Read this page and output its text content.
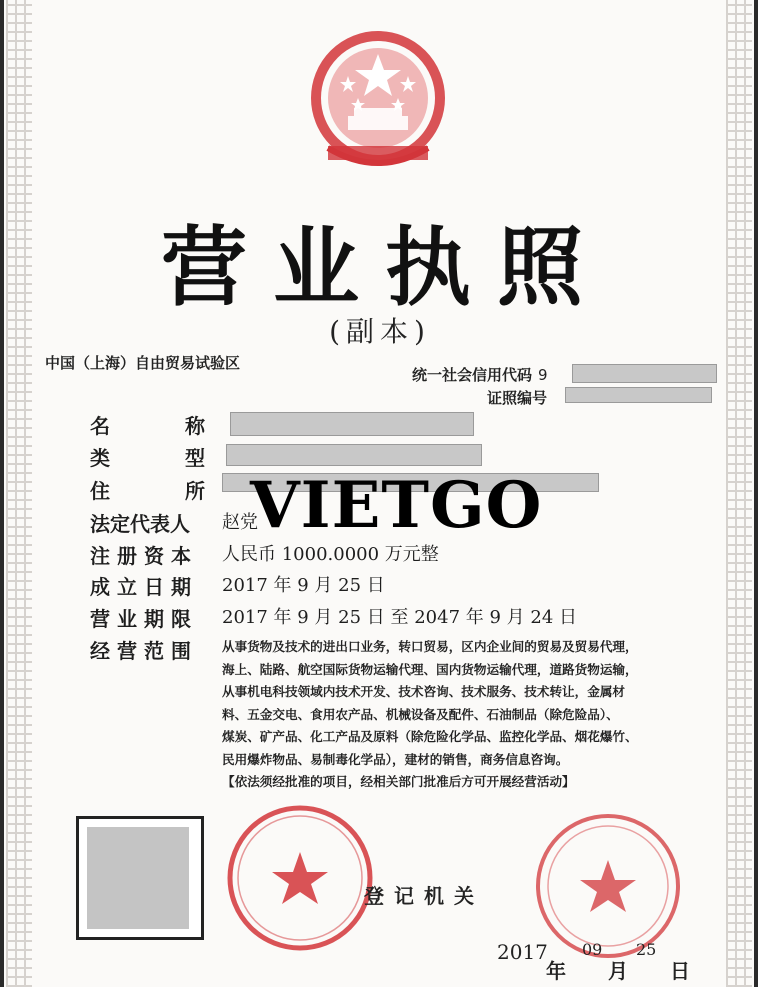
营业执照
(副本)
中国（上海）自由贸易试验区
统一社会信用代码 9
证照编号
名	称
类	型
住	所
法定代表人 赵党
VIETGO
注册资本 人民币 1000.0000 万元整
成立日期 2017 年 9 月 25 日
营业期限 2017 年 9 月 25 日 至 2047 年 9 月 24 日
经营范围 从事货物及技术的进出口业务，转口贸易，区内企业间的贸易及贸易代理，
海上、陆路、航空国际货物运输代理、国内货物运输代理，道路货物运输，
从事机电科技领域内技术开发、技术咨询、技术服务、技术转让，金属材
料、五金交电、食用农产品、机械设备及配件、石油制品（除危险品）、
煤炭、矿产品、化工产品及原料（除危险化学品、监控化学品、烟花爆竹、
民用爆炸物品、易制毒化学品），建材的销售，商务信息咨询。
【依法须经批准的项目，经相关部门批准后方可开展经营活动】
登记机关
2017
年
09
月
25
日
